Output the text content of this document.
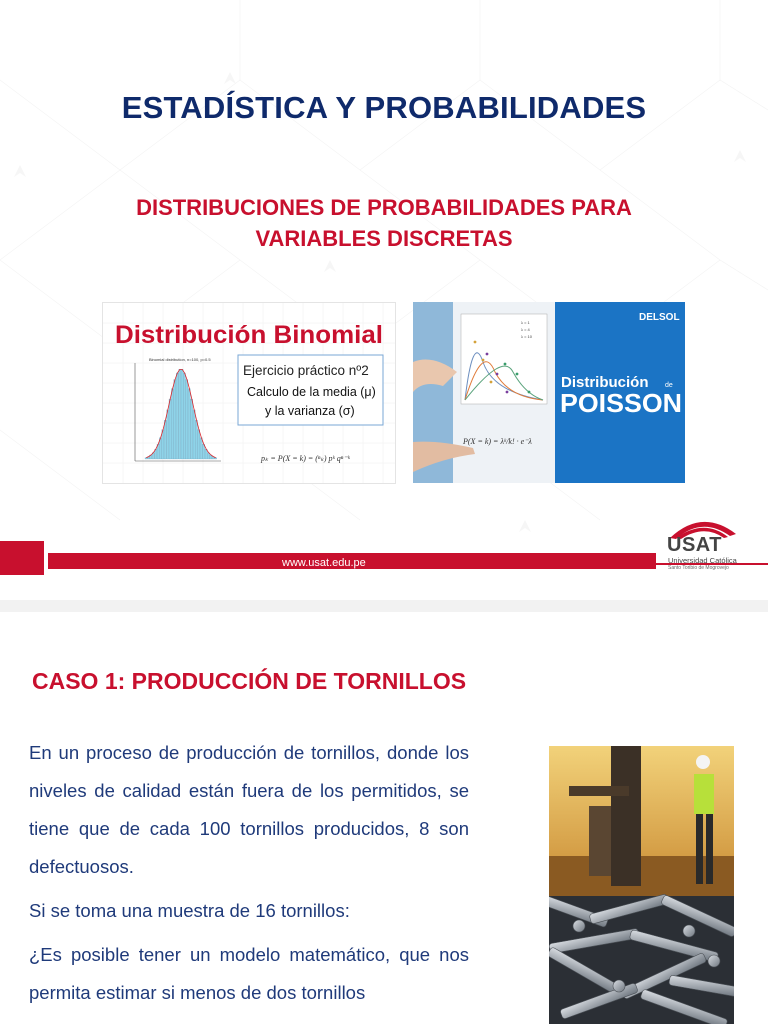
ESTADÍSTICA Y PROBABILIDADES
DISTRIBUCIONES DE PROBABILIDADES PARA
VARIABLES DISCRETAS
Distribución Binomial
Binomial distribution, n=100, p=0.5
Ejercicio práctico nº2
Calculo de la media (μ)
y la varianza (σ)
pₖ = P(X = k) = (ⁿₖ) pᵏ qⁿ⁻ᵏ
λ = 1
λ = 4
λ = 10
P(X = k) = λᵏ/k! · e⁻λ
DELSOL
Distribución de
POISSON
www.usat.edu.pe
USAT
Universidad Católica
Santo Toribio de Mogrovejo
CASO 1: PRODUCCIÓN DE TORNILLOS

En un proceso de producción de tornillos, donde los niveles de calidad están fuera de los permitidos, se tiene que de cada 100 tornillos producidos, 8 son defectuosos.

Si se toma una muestra de 16 tornillos:

¿Es posible tener un modelo matemático, que nos permita estimar si menos de dos tornillos
